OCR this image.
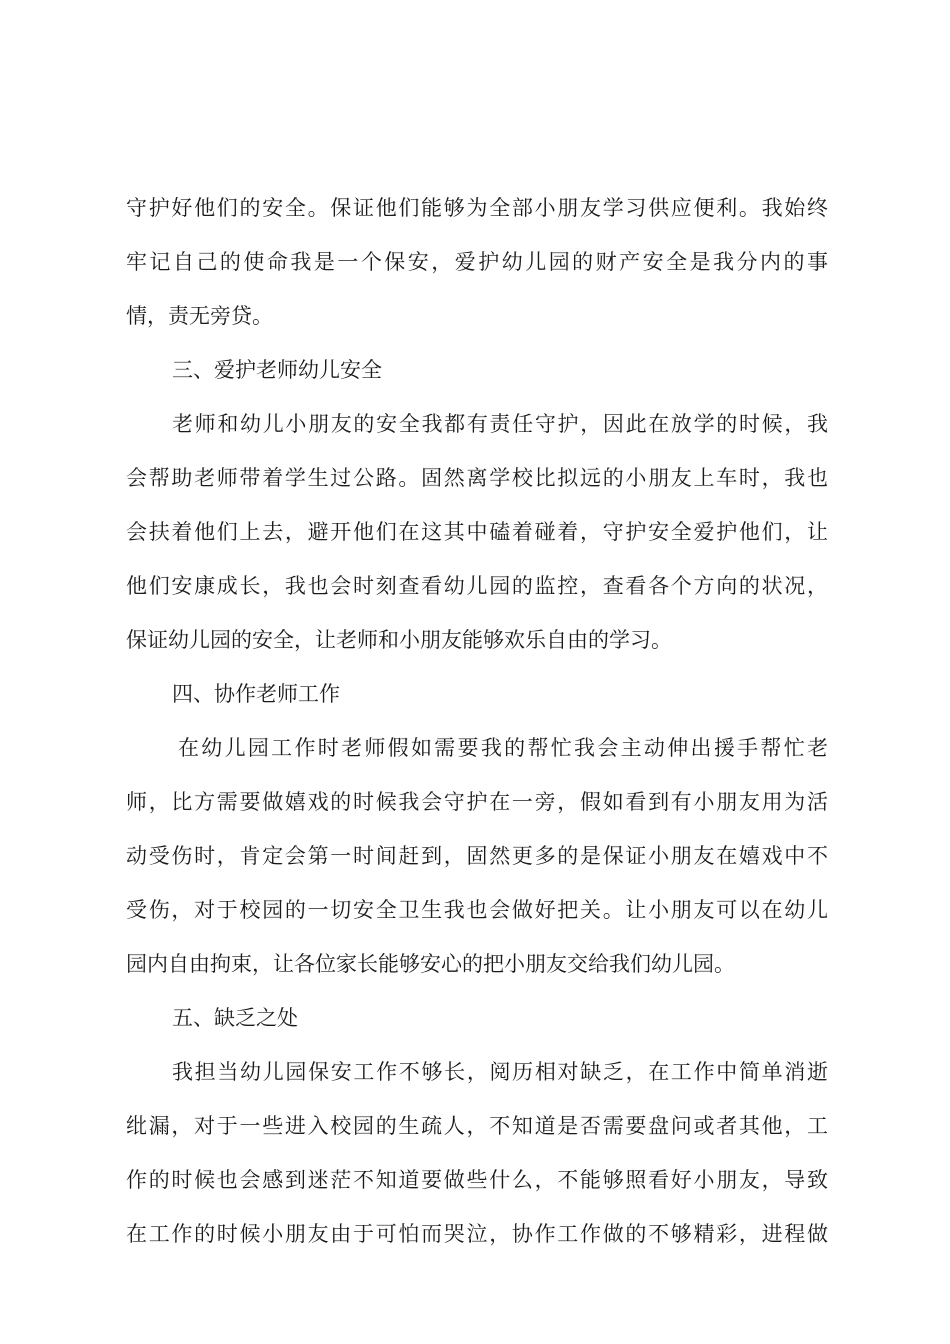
守护好他们的安全。保证他们能够为全部小朋友学习供应便利。我始终

牢记自己的使命我是一个保安，爱护幼儿园的财产安全是我分内的事

情，责无旁贷。

三、爱护老师幼儿安全

老师和幼儿小朋友的安全我都有责任守护，因此在放学的时候，我

会帮助老师带着学生过公路。固然离学校比拟远的小朋友上车时，我也

会扶着他们上去，避开他们在这其中磕着碰着，守护安全爱护他们，让

他们安康成长，我也会时刻查看幼儿园的监控，查看各个方向的状况，

保证幼儿园的安全，让老师和小朋友能够欢乐自由的学习。

四、协作老师工作

在幼儿园工作时老师假如需要我的帮忙我会主动伸出援手帮忙老

师，比方需要做嬉戏的时候我会守护在一旁，假如看到有小朋友用为活

动受伤时，肯定会第一时间赶到，固然更多的是保证小朋友在嬉戏中不

受伤，对于校园的一切安全卫生我也会做好把关。让小朋友可以在幼儿

园内自由拘束，让各位家长能够安心的把小朋友交给我们幼儿园。

五、缺乏之处

我担当幼儿园保安工作不够长，阅历相对缺乏，在工作中简单消逝

纰漏，对于一些进入校园的生疏人，不知道是否需要盘问或者其他，工

作的时候也会感到迷茫不知道要做些什么，不能够照看好小朋友，导致

在工作的时候小朋友由于可怕而哭泣，协作工作做的不够精彩，进程做
